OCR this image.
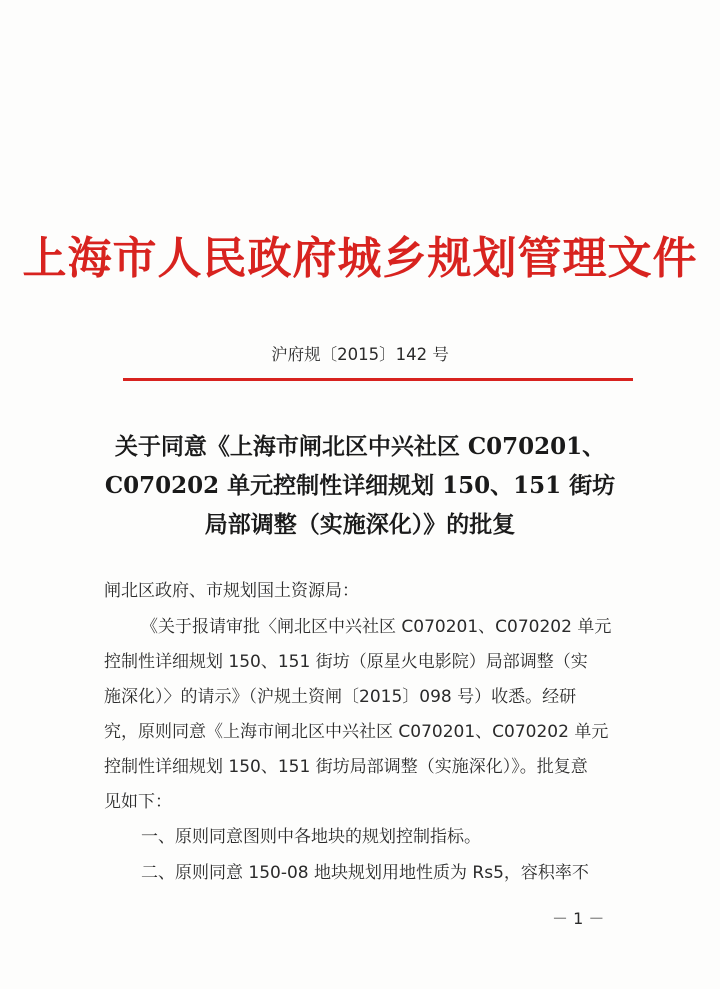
上海市人民政府城乡规划管理文件
沪府规〔2015〕142 号
关于同意《上海市闸北区中兴社区 C070201、
C070202 单元控制性详细规划 150、151 街坊
局部调整（实施深化）》的批复
闸北区政府、市规划国土资源局：
《关于报请审批〈闸北区中兴社区 C070201、C070202 单元
控制性详细规划 150、151 街坊（原星火电影院）局部调整（实
施深化）〉的请示》（沪规土资闸〔2015〕098 号）收悉。经研
究，原则同意《上海市闸北区中兴社区 C070201、C070202 单元
控制性详细规划 150、151 街坊局部调整（实施深化）》。批复意
见如下：
一、原则同意图则中各地块的规划控制指标。
二、原则同意 150-08 地块规划用地性质为 Rs5，容积率不
－ 1 －
